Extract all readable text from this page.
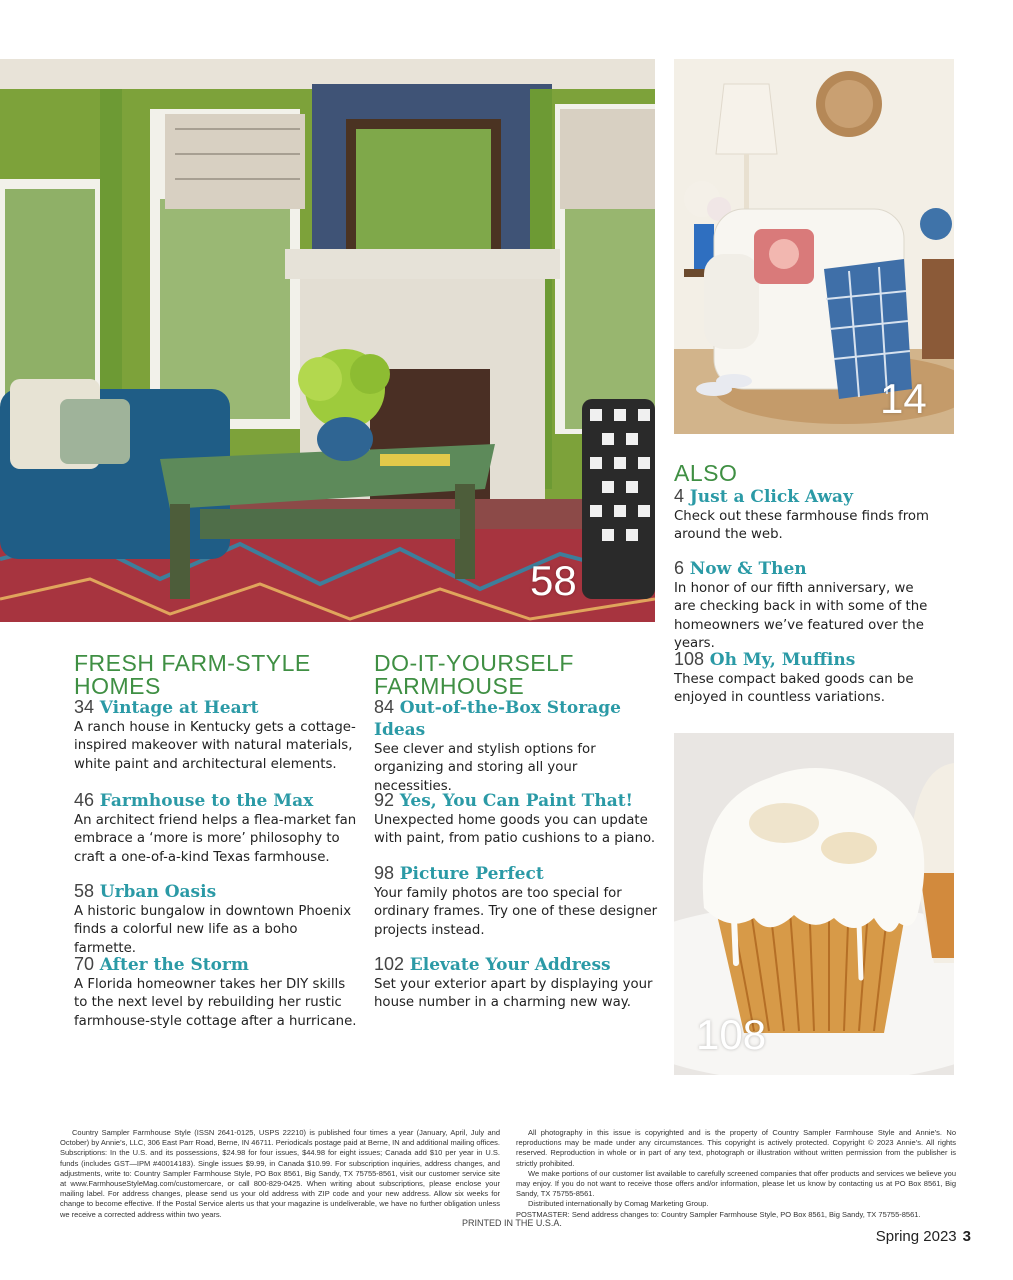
58
14
108
FRESH FARM-STYLE
HOMES

34 Vintage at Heart

A ranch house in Kentucky gets a cottage-
inspired makeover with natural materials,
white paint and architectural elements.

46 Farmhouse to the Max

An architect friend helps a flea-market fan
embrace a ‘more is more’ philosophy to
craft a one-of-a-kind Texas farmhouse.

58 Urban Oasis

A historic bungalow in downtown Phoenix
finds a colorful new life as a boho farmette.

70 After the Storm

A Florida homeowner takes her DIY skills
to the next level by rebuilding her rustic
farmhouse-style cottage after a hurricane.

DO-IT-YOURSELF
FARMHOUSE

84 Out-of-the-Box Storage
Ideas

See clever and stylish options for
organizing and storing all your necessities.

92 Yes, You Can Paint That!

Unexpected home goods you can update
with paint, from patio cushions to a piano.

98 Picture Perfect

Your family photos are too special for
ordinary frames. Try one of these designer
projects instead.

102 Elevate Your Address

Set your exterior apart by displaying your
house number in a charming new way.

ALSO

4 Just a Click Away

Check out these farmhouse finds from
around the web.

6 Now & Then

In honor of our fifth anniversary, we
are checking back in with some of the
homeowners we’ve featured over the years.

108 Oh My, Muffins

These compact baked goods can be
enjoyed in countless variations.

Country Sampler Farmhouse Style (ISSN 2641-0125, USPS 22210) is published four times a year (January, April, July and October) by Annie’s, LLC, 306 East Parr Road, Berne, IN 46711. Periodicals postage paid at Berne, IN and additional mailing offices. Subscriptions: In the U.S. and its possessions, $24.98 for four issues, $44.98 for eight issues; Canada add $10 per year in U.S. funds (includes GST—IPM #40014183). Single issues $9.99, in Canada $10.99. For subscription inquiries, address changes, and adjustments, write to: Country Sampler Farmhouse Style, PO Box 8561, Big Sandy, TX 75755-8561, visit our customer service site at www.FarmhouseStyleMag.com/customercare, or call 800-829-0425. When writing about subscriptions, please enclose your mailing label. For address changes, please send us your old address with ZIP code and your new address. Allow six weeks for change to become effective. If the Postal Service alerts us that your magazine is undeliverable, we have no further obligation unless we receive a corrected address within two years.

All photography in this issue is copyrighted and is the property of Country Sampler Farmhouse Style and Annie’s. No reproductions may be made under any circumstances. This copyright is actively protected. Copyright © 2023 Annie’s. All rights reserved. Reproduction in whole or in part of any text, photograph or illustration without written permission from the publisher is strictly prohibited.

We make portions of our customer list available to carefully screened companies that offer products and services we believe you may enjoy. If you do not want to receive those offers and/or information, please let us know by contacting us at PO Box 8561, Big Sandy, TX 75755-8561.

Distributed internationally by Comag Marketing Group.

POSTMASTER: Send address changes to: Country Sampler Farmhouse Style, PO Box 8561, Big Sandy, TX 75755-8561.

PRINTED IN THE U.S.A.
Spring 2023 3
